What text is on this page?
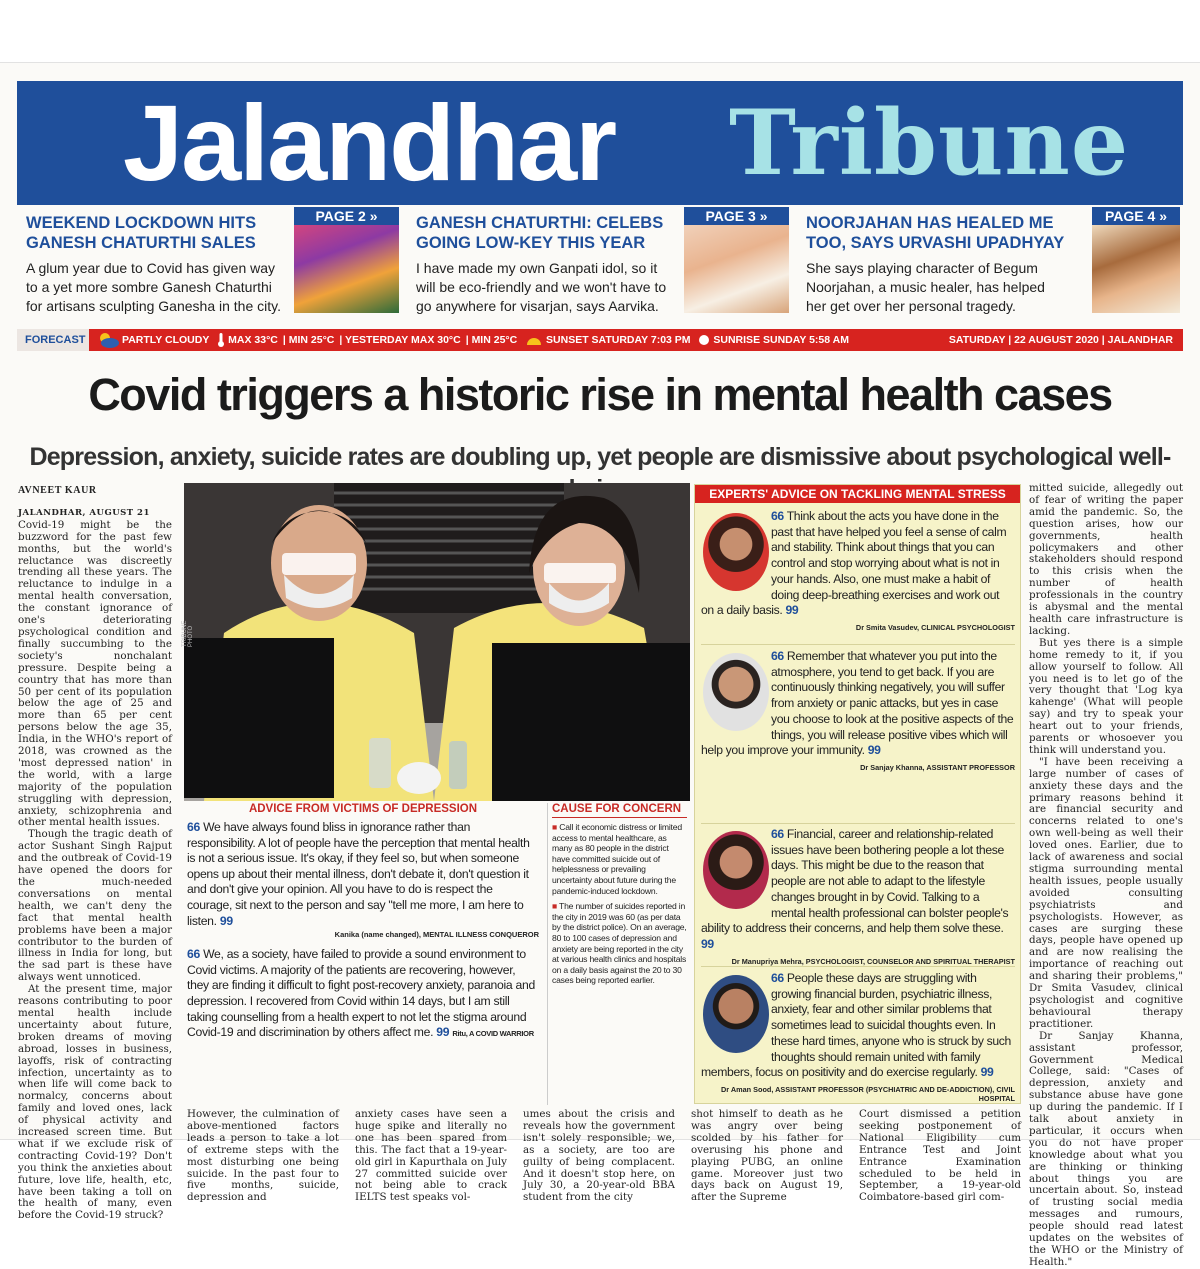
Jalandhar Tribune
WEEKEND LOCKDOWN HITS GANESH CHATURTHI SALES

A glum year due to Covid has given way to a yet more sombre Ganesh Chaturthi for artisans sculpting Ganesha in the city.

PAGE 2 »	GANESH CHATURTHI: CELEBS GOING LOW-KEY THIS YEAR

I have made my own Ganpati idol, so it will be eco-friendly and we won't have to go anywhere for visarjan, says Aarvika.

PAGE 3 »	NOORJAHAN HAS HEALED ME TOO, SAYS URVASHI UPADHYAY

She says playing character of Begum Noorjahan, a music healer, has helped her get over her personal tragedy.

PAGE 4 »
FORECAST	PARTLY CLOUDY MAX 33°C | MIN 25°C | YESTERDAY MAX 30°C | MIN 25°C	SUNSET SATURDAY 7:03 PM SUNRISE SUNDAY 5:58 AM	SATURDAY | 22 AUGUST 2020 | JALANDHAR
Covid triggers a historic rise in mental health cases
Depression, anxiety, suicide rates are doubling up, yet people are dismissive about psychological well-
AVNEET KAUR

JALANDHAR, AUGUST 21

Covid-19 might be the buzzword for the past few months, but the world's reluctance was discreetly trending all these years. The reluctance to indulge in a mental health conversation, the constant ignorance of one's deteriorating psychological condition and finally succumbing to the society's nonchalant pressure. Despite being a country that has more than 50 per cent of its population below the age of 25 and more than 65 per cent persons below the age 35, India, in the WHO's report of 2018, was crowned as the 'most depressed nation' in the world, with a large majority of the population struggling with depression, anxiety, schizophrenia and other mental health issues.

Though the tragic death of actor Sushant Singh Rajput and the outbreak of Covid-19 have opened the doors for the much-needed conversations on mental health, we can't deny the fact that mental health problems have been a major contributor to the burden of illness in India for long, but the sad part is these have always went unnoticed.

At the present time, major reasons contributing to poor mental health include uncertainty about future, broken dreams of moving abroad, losses in business, layoffs, risk of contracting infection, uncertainty as to when life will come back to normalcy, concerns about family and loved ones, lack of physical activity and increased screen time. But what if we exclude risk of contracting Covid-19? Don't you think the anxieties about future, love life, health, etc, have been taking a toll on the health of many, even before the Covid-19 struck?

TRIBUNE PHOTO
ADVICE FROM VICTIMS OF DEPRESSION
66 We have always found bliss in ignorance rather than responsibility. A lot of people have the perception that mental health is not a serious issue. It's okay, if they feel so, but when someone opens up about their mental illness, don't debate it, don't question it and don't give your opinion. All you have to do is respect the courage, sit next to the person and say "tell me more, I am here to listen. 99
Kanika (name changed), MENTAL ILLNESS CONQUEROR
66 We, as a society, have failed to provide a sound environment to Covid victims. A majority of the patients are recovering, however, they are finding it difficult to fight post-recovery anxiety, paranoia and depression. I recovered from Covid within 14 days, but I am still taking counselling from a health expert to not let the stigma around Covid-19 and discrimination by others affect me. 99 Ritu, A COVID WARRIOR
CAUSE FOR CONCERN

■ Call it economic distress or limited access to mental healthcare, as many as 80 people in the district have committed suicide out of helplessness or prevailing uncertainty about future during the pandemic-induced lockdown.

■ The number of suicides reported in the city in 2019 was 60 (as per data by the district police). On an average, 80 to 100 cases of depression and anxiety are being reported in the city at various health clinics and hospitals on a daily basis against the 20 to 30 cases being reported earlier.

EXPERTS' ADVICE ON TACKLING MENTAL STRESS
66 Think about the acts you have done in the past that have helped you feel a sense of calm and stability. Think about things that you can control and stop worrying about what is not in your hands. Also, one must make a habit of doing deep-breathing exercises and work out on a daily basis. 99
Dr Smita Vasudev, CLINICAL PSYCHOLOGIST
66 Remember that whatever you put into the atmosphere, you tend to get back. If you are continuously thinking negatively, you will suffer from anxiety or panic attacks, but yes in case you choose to look at the positive aspects of the things, you will release positive vibes which will help you improve your immunity. 99
Dr Sanjay Khanna, ASSISTANT PROFESSOR
66 Financial, career and relationship-related issues have been bothering people a lot these days. This might be due to the reason that people are not able to adapt to the lifestyle changes brought in by Covid. Talking to a mental health professional can bolster people's ability to address their concerns, and help them solve these. 99
Dr Manupriya Mehra, PSYCHOLOGIST, COUNSELOR AND SPIRITUAL THERAPIST
66 People these days are struggling with growing financial burden, psychiatric illness, anxiety, fear and other similar problems that sometimes lead to suicidal thoughts even. In these hard times, anyone who is struck by such thoughts should remain united with family members, focus on positivity and do exercise regularly. 99
Dr Aman Sood, ASSISTANT PROFESSOR (PSYCHIATRIC AND DE-ADDICTION), CIVIL HOSPITAL

mitted suicide, allegedly out of fear of writing the paper amid the pandemic. So, the question arises, how our governments, health policymakers and other stakeholders should respond to this crisis when the number of health professionals in the country is abysmal and the mental health care infrastructure is lacking.

But yes there is a simple home remedy to it, if you allow yourself to follow. All you need is to let go of the very thought that 'Log kya kahenge' (What will people say) and try to speak your heart out to your friends, parents or whosoever you think will understand you.

"I have been receiving a large number of cases of anxiety these days and the primary reasons behind it are financial security and concerns related to one's own well-being as well their loved ones. Earlier, due to lack of awareness and social stigma surrounding mental health issues, people usually avoided consulting psychiatrists and psychologists. However, as cases are surging these days, people have opened up and are now realising the importance of reaching out and sharing their problems," Dr Smita Vasudev, clinical psychologist and cognitive behavioural therapy practitioner.

Dr Sanjay Khanna, assistant professor, Government Medical College, said: "Cases of depression, anxiety and substance abuse have gone up during the pandemic. If I talk about anxiety in particular, it occurs when you do not have proper knowledge about what you are thinking or thinking about things you are uncertain about. So, instead of trusting social media messages and rumours, people should read latest updates on the websites of the WHO or the Ministry of Health."

However, the culmination of above-mentioned factors leads a person to take a lot of extreme steps with the most disturbing one being suicide. In the past four to five months, suicide, depression and
anxiety cases have seen a huge spike and literally no one has been spared from this. The fact that a 19-year-old girl in Kapurthala on July 27 committed suicide over not being able to crack IELTS test speaks vol-
umes about the crisis and reveals how the government isn't solely responsible; we, as a society, are too are guilty of being complacent. And it doesn't stop here, on July 30, a 20-year-old BBA student from the city
shot himself to death as he was angry over being scolded by his father for overusing his phone and playing PUBG, an online game. Moreover just two days back on August 19, after the Supreme
Court dismissed a petition seeking postponement of National Eligibility cum Entrance Test and Joint Entrance Examination scheduled to be held in September, a 19-year-old Coimbatore-based girl com-
